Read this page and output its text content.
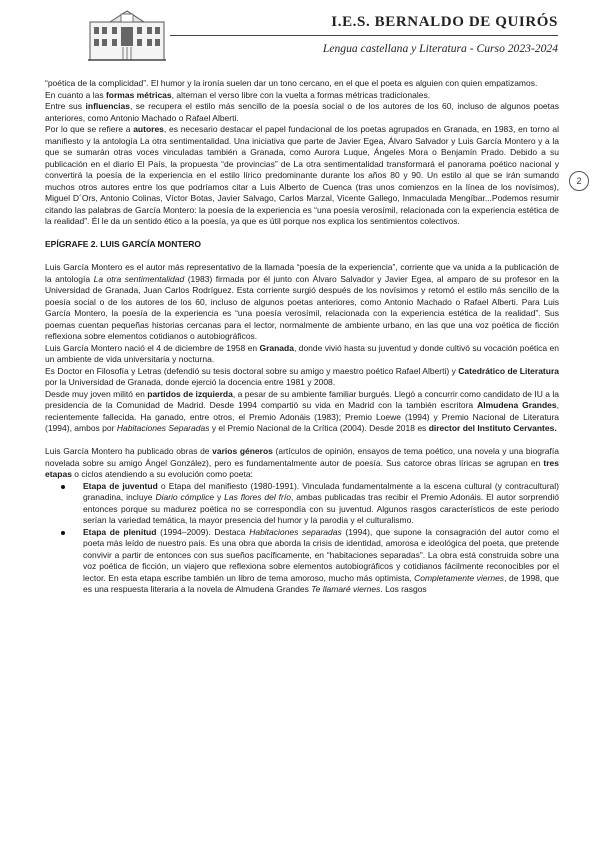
I.E.S. BERNALDO DE QUIRÓS
Lengua castellana y Literatura - Curso 2023-2024
2

“poética de la complicidad”. El humor y la ironía suelen dar un tono cercano, en el que el poeta es alguien con quien empatizamos.

En cuanto a las formas métricas, alternan el verso libre con la vuelta a formas métricas tradicionales.

Entre sus influencias, se recupera el estilo más sencillo de la poesía social o de los autores de los 60, incluso de algunos poetas anteriores, como Antonio Machado o Rafael Alberti.

Por lo que se refiere a autores, es necesario destacar el papel fundacional de los poetas agrupados en Granada, en 1983, en torno al manifiesto y la antología La otra sentimentalidad. Una iniciativa que parte de Javier Egea, Álvaro Salvador y Luis García Montero y a la que se sumarán otras voces vinculadas también a Granada, como Aurora Luque, Ángeles Mora o Benjamín Prado. Debido a su publicación en el diario El País, la propuesta “de provincias” de La otra sentimentalidad transformará el panorama poético nacional y convertirá la poesía de la experiencia en el estilo lírico predominante durante los años 80 y 90. Un estilo al que se irán sumando muchos otros autores entre los que podríamos citar a Luis Alberto de Cuenca (tras unos comienzos en la línea de los novísimos), Miguel D´Ors, Antonio Colinas, Víctor Botas, Javier Salvago, Carlos Marzal, Vicente Gallego, Inmaculada Mengíbar...Podemos resumir citando las palabras de García Montero: la poesía de la experiencia es “una poesía verosímil, relacionada con la experiencia estética de la realidad”. Él le da un sentido ético a la poesía, ya que es útil porque nos explica los sentimientos colectivos.

EPÍGRAFE 2. LUIS GARCÍA MONTERO

Luis García Montero es el autor más representativo de la llamada “poesía de la experiencia”, corriente que va unida a la publicación de la antología La otra sentimentalidad (1983) firmada por él junto con Álvaro Salvador y Javier Egea, al amparo de su profesor en la Universidad de Granada, Juan Carlos Rodríguez. Esta corriente surgió después de los novísimos y retomó el estilo más sencillo de la poesía social o de los autores de los 60, incluso de algunos poetas anteriores, como Antonio Machado o Rafael Alberti. Para Luis García Montero, la poesía de la experiencia es “una poesía verosímil, relacionada con la experiencia estética de la realidad”. Sus poemas cuentan pequeñas historias cercanas para el lector, normalmente de ambiente urbano, en las que una voz poética de ficción reflexiona sobre elementos cotidianos o autobiográficos.

Luis García Montero nació el 4 de diciembre de 1958 en Granada, donde vivió hasta su juventud y donde cultivó su vocación poética en un ambiente de vida universitaria y nocturna.

Es Doctor en Filosofía y Letras (defendió su tesis doctoral sobre su amigo y maestro poético Rafael Alberti) y Catedrático de Literatura por la Universidad de Granada, donde ejerció la docencia entre 1981 y 2008.

Desde muy joven militó en partidos de izquierda, a pesar de su ambiente familiar burgués. Llegó a concurrir como candidato de IU a la presidencia de la Comunidad de Madrid. Desde 1994 compartió su vida en Madrid con la también escritora Almudena Grandes, recientemente fallecida. Ha ganado, entre otros, el Premio Adonáis (1983); Premio Loewe (1994) y Premio Nacional de Literatura (1994), ambos por Habitaciones Separadas y el Premio Nacional de la Crítica (2004). Desde 2018 es director del Instituto Cervantes.

Luis García Montero ha publicado obras de varios géneros (artículos de opinión, ensayos de tema poético, una novela y una biografía novelada sobre su amigo Ángel González), pero es fundamentalmente autor de poesía. Sus catorce obras líricas se agrupan en tres etapas o ciclos atendiendo a su evolución como poeta:

Etapa de juventud o Etapa del manifiesto (1980-1991). Vinculada fundamentalmente a la escena cultural (y contracultural) granadina, incluye Diario cómplice y Las flores del frío, ambas publicadas tras recibir el Premio Adonáis. El autor sorprendió entonces porque su madurez poética no se correspondía con su juventud. Algunos rasgos característicos de este periodo serían la variedad temática, la mayor presencia del humor y la parodia y el culturalismo.
Etapa de plenitud (1994–2009). Destaca Habitaciones separadas (1994), que supone la consagración del autor como el poeta más leído de nuestro país. Es una obra que aborda la crisis de identidad, amorosa e ideológica del poeta, que pretende convivir a partir de entonces con sus sueños pacíficamente, en “habitaciones separadas”. La obra está construida sobre una voz poética de ficción, un viajero que reflexiona sobre elementos autobiográficos y cotidianos fácilmente reconocibles por el lector. En esta etapa escribe también un libro de tema amoroso, mucho más optimista, Completamente viernes, de 1998, que es una respuesta literaria a la novela de Almudena Grandes Te llamaré viernes. Los rasgos
